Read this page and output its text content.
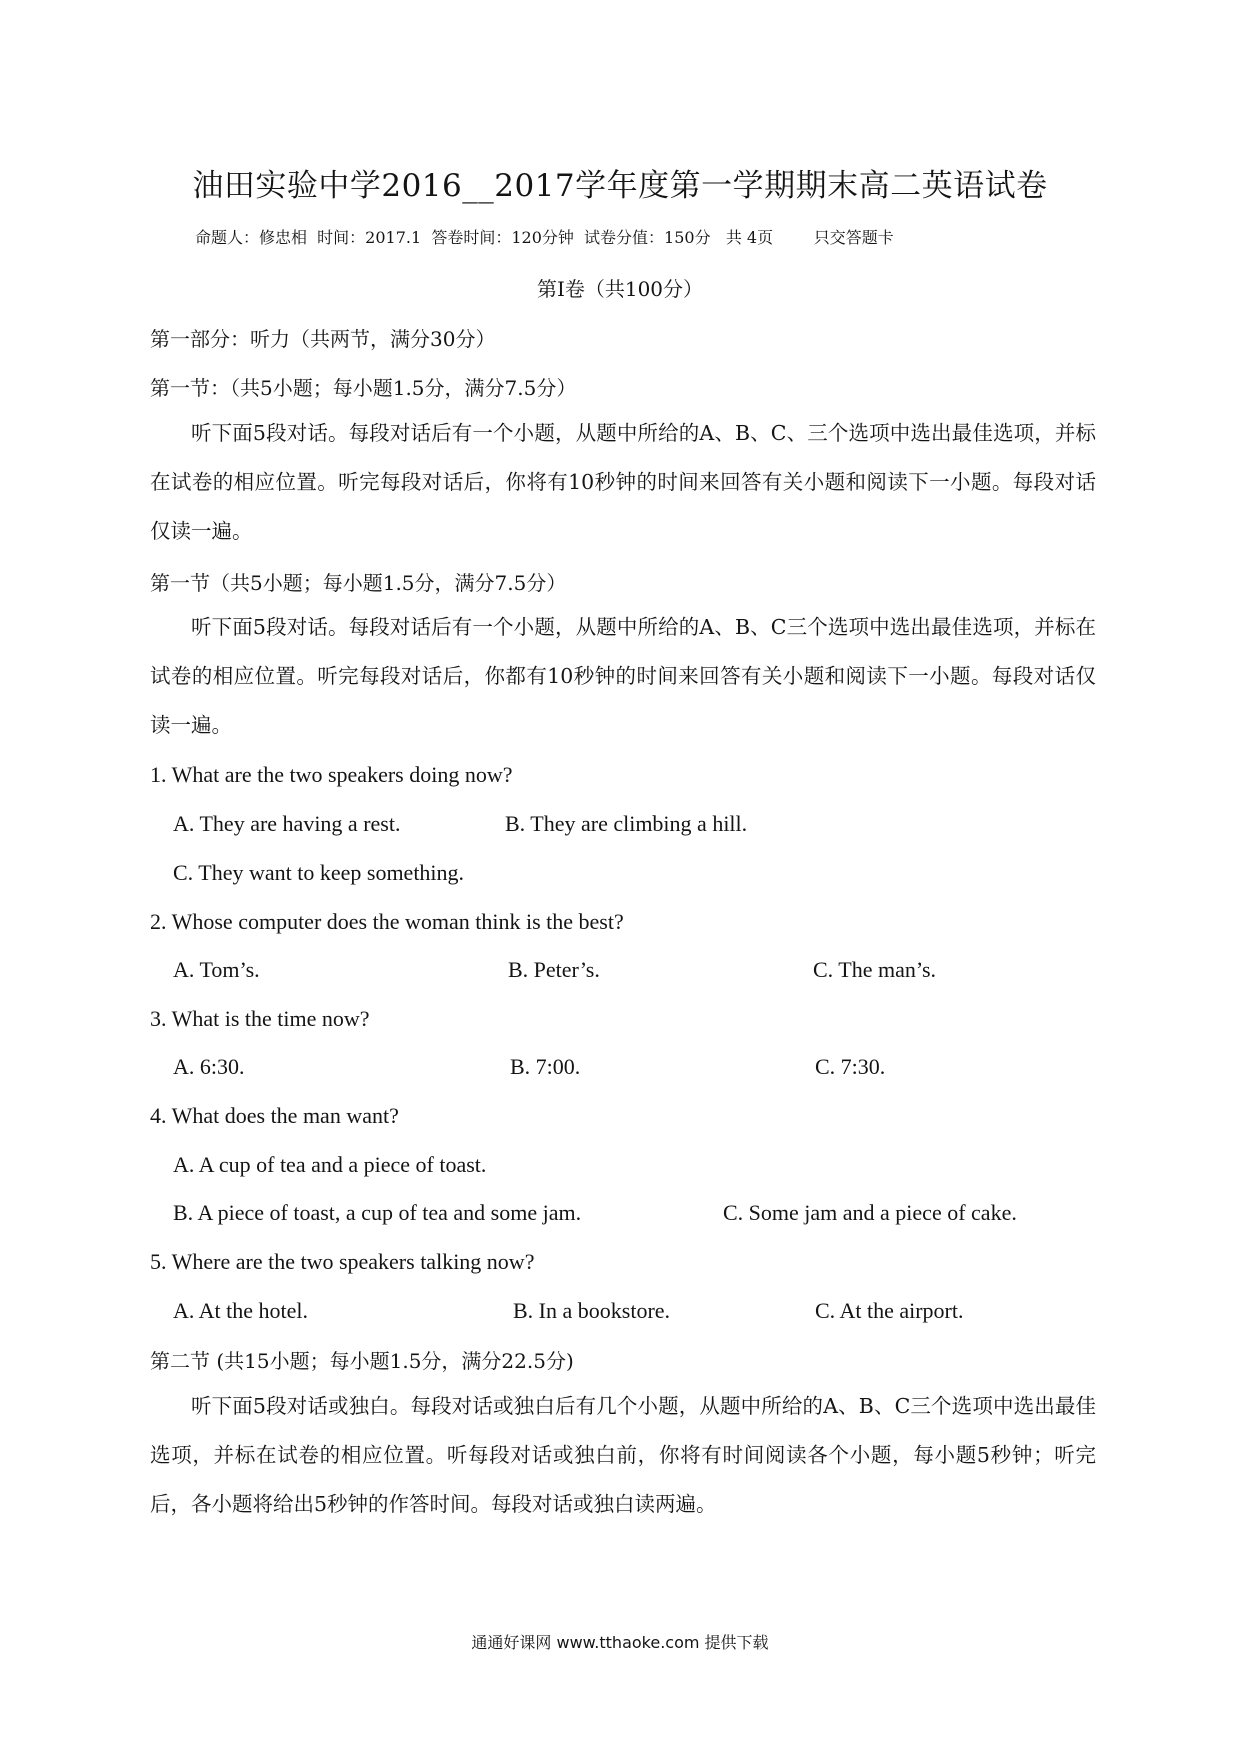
油田实验中学2016__2017学年度第一学期期末高二英语试卷
命题人：修忠相  时间：2017.1  答卷时间：120分钟  试卷分值：150分   共 4页        只交答题卡
第Ⅰ卷（共100分）
第一部分：听力（共两节，满分30分）
第一节：（共5小题；每小题1.5分，满分7.5分）

听下面5段对话。每段对话后有一个小题，从题中所给的A、B、C、三个选项中选出最佳选项，并标在试卷的相应位置。听完每段对话后，你将有10秒钟的时间来回答有关小题和阅读下一小题。每段对话仅读一遍。

第一节（共5小题；每小题1.5分，满分7.5分）

听下面5段对话。每段对话后有一个小题，从题中所给的A、B、C三个选项中选出最佳选项，并标在试卷的相应位置。听完每段对话后，你都有10秒钟的时间来回答有关小题和阅读下一小题。每段对话仅读一遍。

1. What are the two speakers doing now?
A. They are having a rest.	B. They are climbing a hill.
C. They want to keep something.
2. Whose computer does the woman think is the best?
A. Tom’s.	B. Peter’s.	C. The man’s.
3. What is the time now?
A. 6:30.	B. 7:00.	C. 7:30.
4. What does the man want?
A. A cup of tea and a piece of toast.
B. A piece of toast, a cup of tea and some jam.	C. Some jam and a piece of cake.
5. Where are the two speakers talking now?
A. At the hotel.	B. In a bookstore.	C. At the airport.
第二节 (共15小题；每小题1.5分，满分22.5分)

听下面5段对话或独白。每段对话或独白后有几个小题，从题中所给的A、B、C三个选项中选出最佳选项，并标在试卷的相应位置。听每段对话或独白前，你将有时间阅读各个小题，每小题5秒钟；听完后，各小题将给出5秒钟的作答时间。每段对话或独白读两遍。

通通好课网 www.tthaoke.com 提供下载
